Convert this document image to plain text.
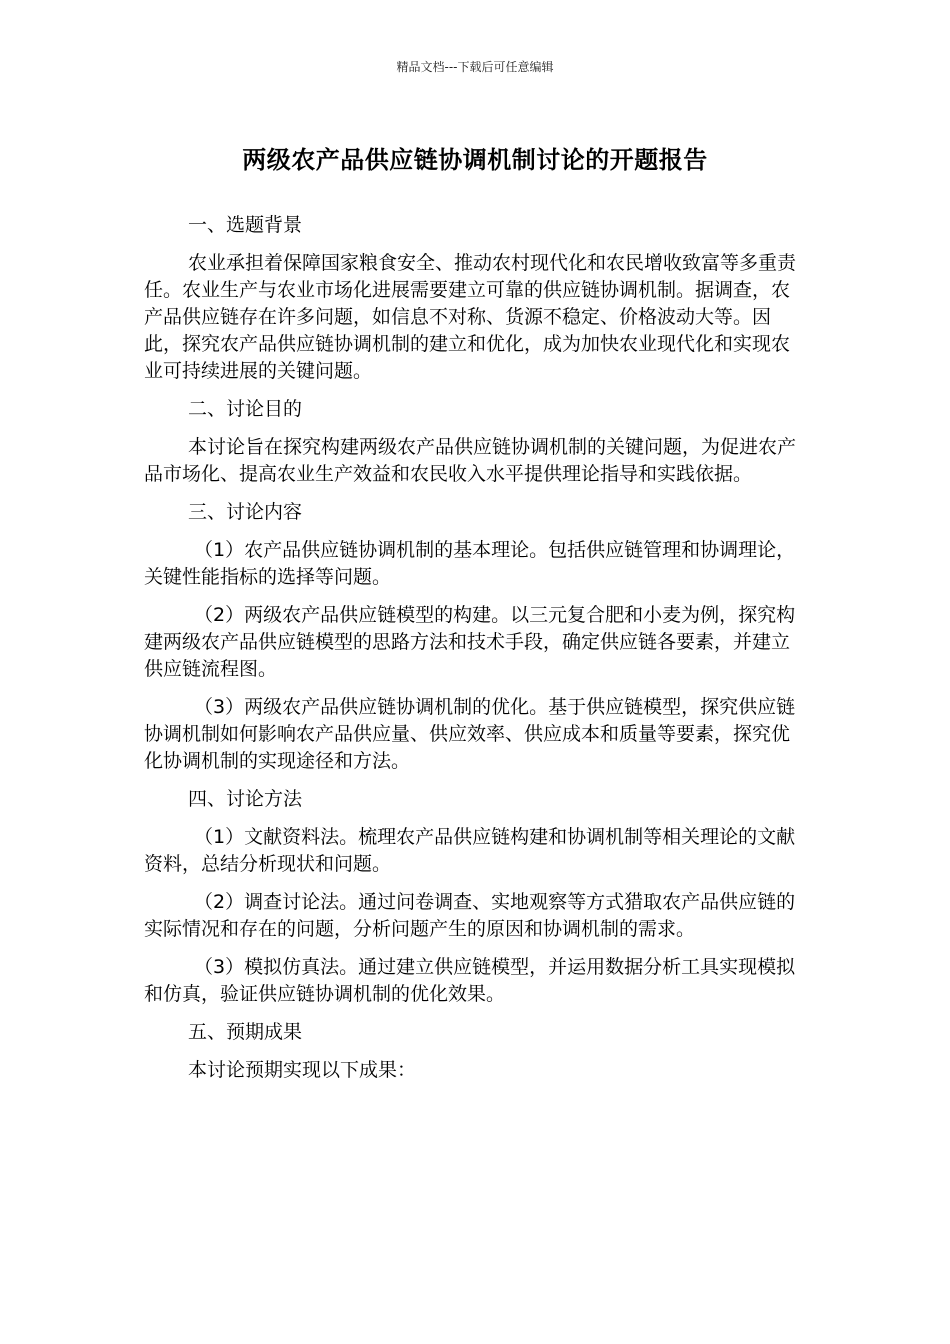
精品文档---下载后可任意编辑
两级农产品供应链协调机制讨论的开题报告

一、选题背景

农业承担着保障国家粮食安全、推动农村现代化和农民增收致富等多重责任。农业生产与农业市场化进展需要建立可靠的供应链协调机制。据调查，农产品供应链存在许多问题，如信息不对称、货源不稳定、价格波动大等。因此，探究农产品供应链协调机制的建立和优化，成为加快农业现代化和实现农业可持续进展的关键问题。

二、讨论目的

本讨论旨在探究构建两级农产品供应链协调机制的关键问题，为促进农产品市场化、提高农业生产效益和农民收入水平提供理论指导和实践依据。

三、讨论内容

（1）农产品供应链协调机制的基本理论。包括供应链管理和协调理论，关键性能指标的选择等问题。

（2）两级农产品供应链模型的构建。以三元复合肥和小麦为例，探究构建两级农产品供应链模型的思路方法和技术手段，确定供应链各要素，并建立供应链流程图。

（3）两级农产品供应链协调机制的优化。基于供应链模型，探究供应链协调机制如何影响农产品供应量、供应效率、供应成本和质量等要素，探究优化协调机制的实现途径和方法。

四、讨论方法

（1）文献资料法。梳理农产品供应链构建和协调机制等相关理论的文献资料，总结分析现状和问题。

（2）调查讨论法。通过问卷调查、实地观察等方式猎取农产品供应链的实际情况和存在的问题，分析问题产生的原因和协调机制的需求。

（3）模拟仿真法。通过建立供应链模型，并运用数据分析工具实现模拟和仿真，验证供应链协调机制的优化效果。

五、预期成果

本讨论预期实现以下成果：
